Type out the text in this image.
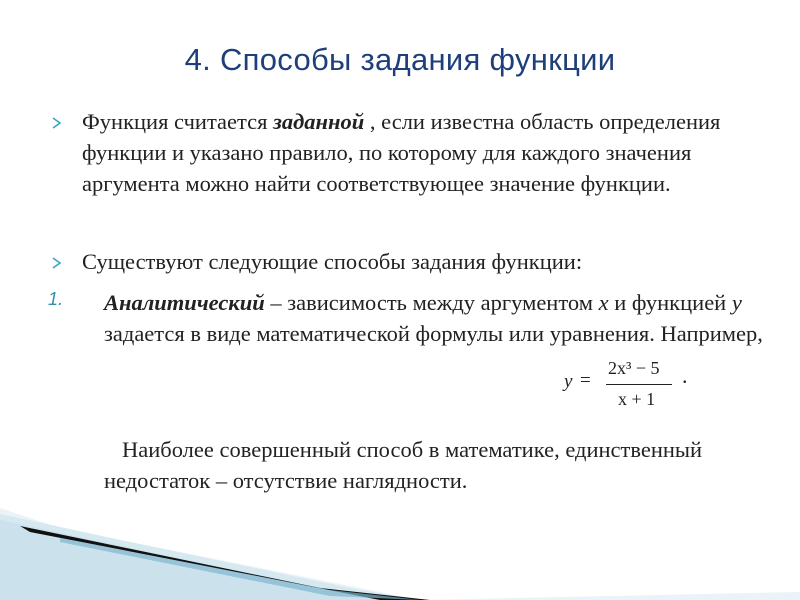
4. Способы задания функции
Функция считается заданной , если известна область определения функции и указано правило, по которому для каждого значения аргумента можно найти соответствующее значение функции.
Существуют следующие способы задания функции:
1. Аналитический – зависимость между аргументом x и функцией y задается в виде математической формулы или уравнения. Например,
y =
2x³ − 5
x + 1
.
Наиболее совершенный способ в математике, единственный недостаток – отсутствие наглядности.
